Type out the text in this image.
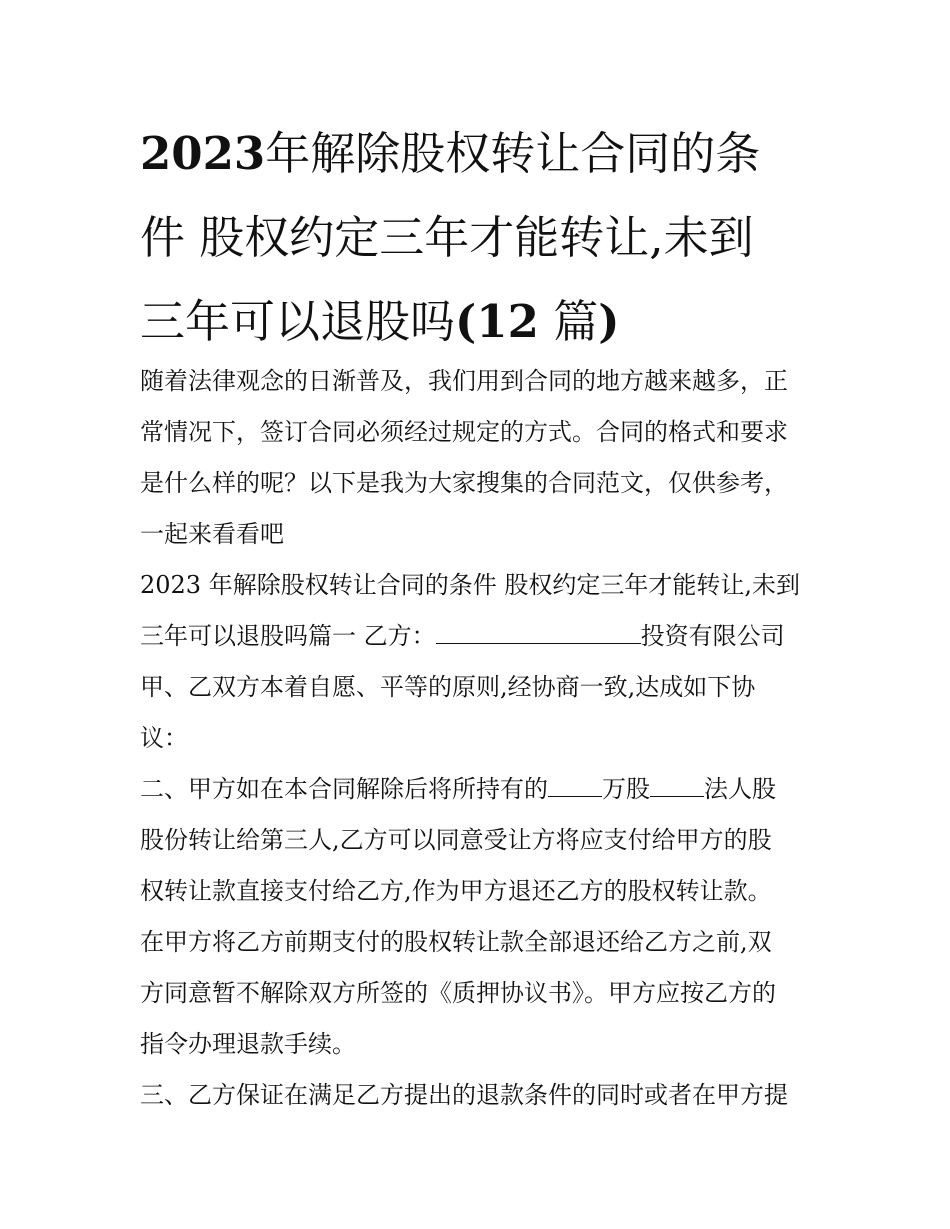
2023年解除股权转让合同的条
件 股权约定三年才能转让,未到
三年可以退股吗(12 篇)
随着法律观念的日渐普及，我们用到合同的地方越来越多，正
常情况下，签订合同必须经过规定的方式。合同的格式和要求
是什么样的呢？以下是我为大家搜集的合同范文，仅供参考，
一起来看看吧
2023 年解除股权转让合同的条件 股权约定三年才能转让,未到
三年可以退股吗篇一 乙方：	投资有限公司
甲、乙双方本着自愿、平等的原则,经协商一致,达成如下协
议：
二、甲方如在本合同解除后将所持有的 万股 法人股
股份转让给第三人,乙方可以同意受让方将应支付给甲方的股
权转让款直接支付给乙方,作为甲方退还乙方的股权转让款。
在甲方将乙方前期支付的股权转让款全部退还给乙方之前,双
方同意暂不解除双方所签的《质押协议书》。甲方应按乙方的
指令办理退款手续。
三、乙方保证在满足乙方提出的退款条件的同时或者在甲方提
